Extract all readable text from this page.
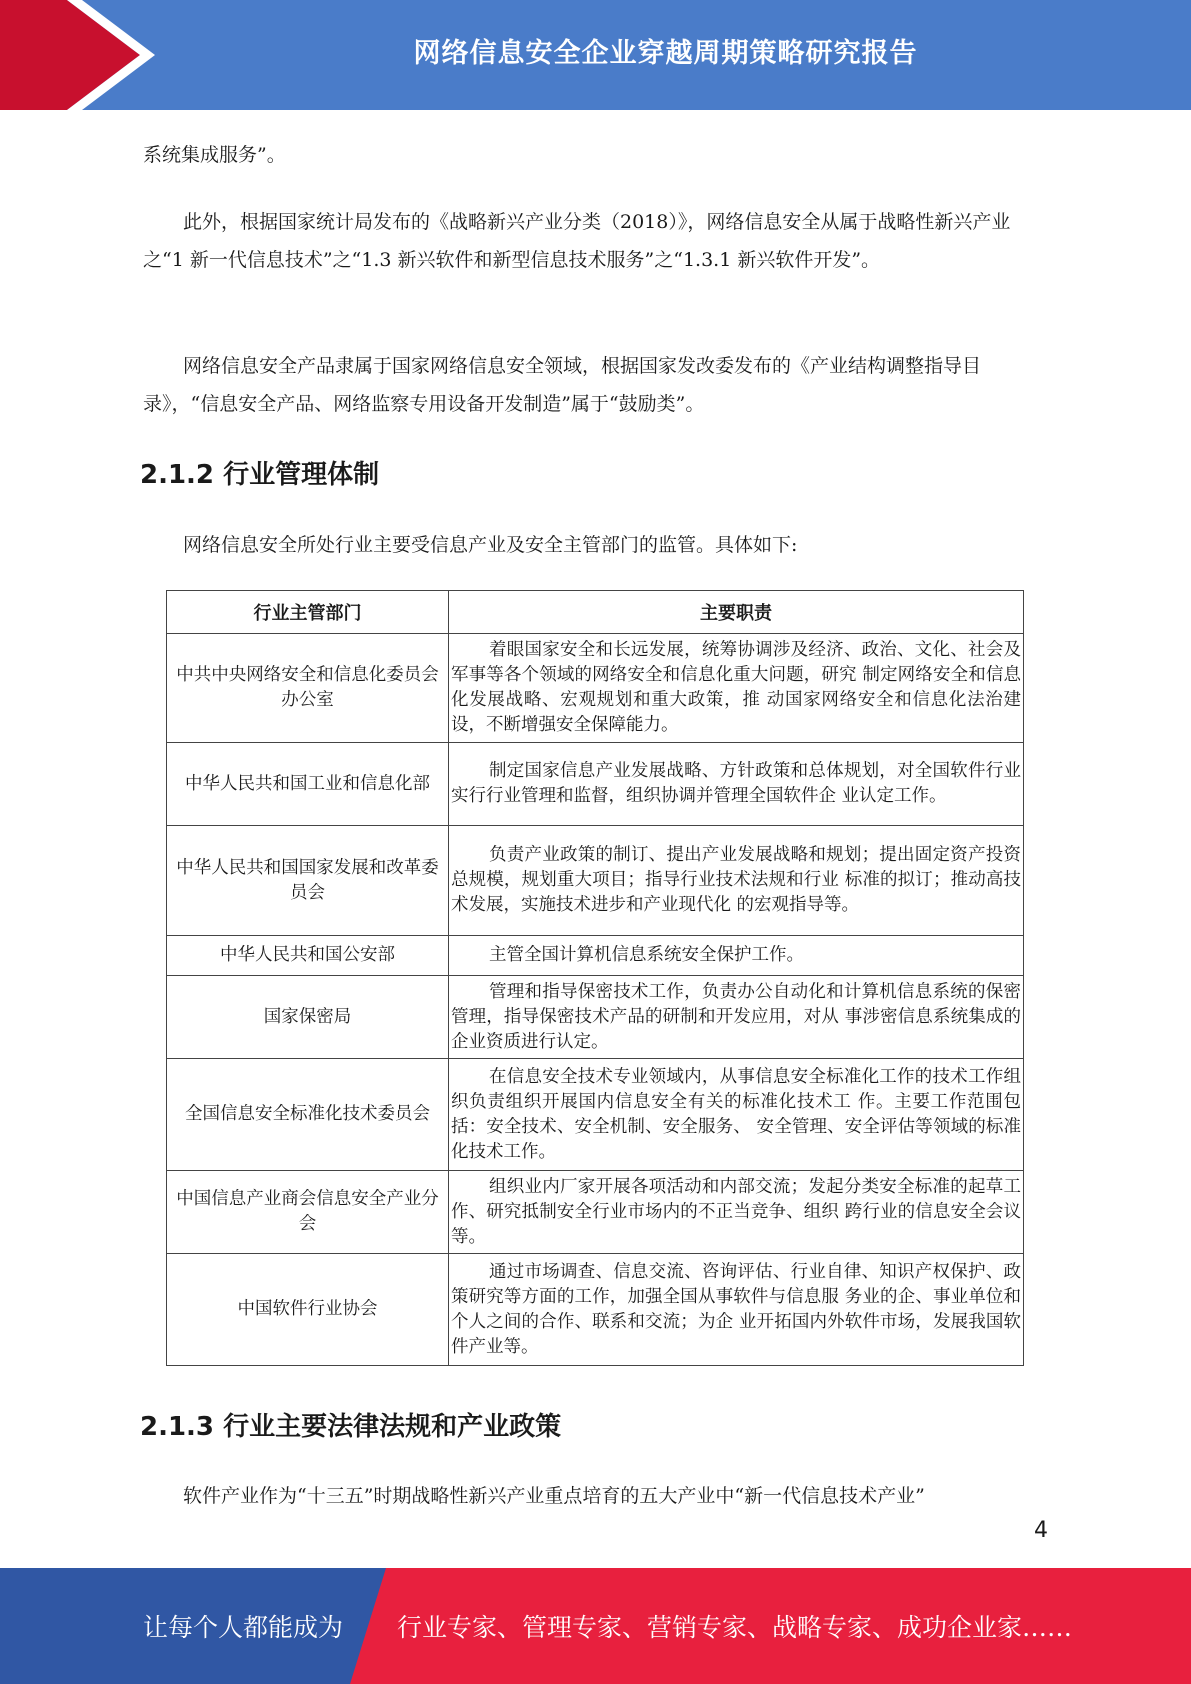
网络信息安全企业穿越周期策略研究报告

系统集成服务”。

此外，根据国家统计局发布的《战略新兴产业分类（2018）》，网络信息安全从属于战略性新兴产业之“1 新一代信息技术”之“1.3 新兴软件和新型信息技术服务”之“1.3.1 新兴软件开发”。

网络信息安全产品隶属于国家网络信息安全领域，根据国家发改委发布的《产业结构调整指导目录》，“信息安全产品、网络监察专用设备开发制造”属于“鼓励类”。

2.1.2 行业管理体制

网络信息安全所处行业主要受信息产业及安全主管部门的监管。具体如下:

行业主管部门	主要职责
中共中央网络安全和信息化委员会办公室	着眼国家安全和长远发展，统筹协调涉及经济、政治、文化、社会及军事等各个领域的网络安全和信息化重大问题，研究 制定网络安全和信息化发展战略、宏观规划和重大政策，推 动国家网络安全和信息化法治建设，不断增强安全保障能力。
中华人民共和国工业和信息化部	制定国家信息产业发展战略、方针政策和总体规划，对全国软件行业实行行业管理和监督，组织协调并管理全国软件企 业认定工作。
中华人民共和国国家发展和改革委员会	负责产业政策的制订、提出产业发展战略和规划；提出固定资产投资总规模，规划重大项目；指导行业技术法规和行业 标准的拟订；推动高技术发展，实施技术进步和产业现代化 的宏观指导等。
中华人民共和国公安部	主管全国计算机信息系统安全保护工作。
国家保密局	管理和指导保密技术工作，负责办公自动化和计算机信息系统的保密管理，指导保密技术产品的研制和开发应用，对从 事涉密信息系统集成的企业资质进行认定。
全国信息安全标准化技术委员会	在信息安全技术专业领域内，从事信息安全标准化工作的技术工作组织负责组织开展国内信息安全有关的标准化技术工 作。主要工作范围包括：安全技术、安全机制、安全服务、 安全管理、安全评估等领域的标准化技术工作。
中国信息产业商会信息安全产业分会	组织业内厂家开展各项活动和内部交流；发起分类安全标准的起草工作、研究抵制安全行业市场内的不正当竞争、组织 跨行业的信息安全会议等。
中国软件行业协会	通过市场调查、信息交流、咨询评估、行业自律、知识产权保护、政策研究等方面的工作，加强全国从事软件与信息服 务业的企、事业单位和个人之间的合作、联系和交流；为企 业开拓国内外软件市场，发展我国软件产业等。
2.1.3 行业主要法律法规和产业政策

软件产业作为“十三五”时期战略性新兴产业重点培育的五大产业中“新一代信息技术产业”

4
让每个人都能成为 行业专家、管理专家、营销专家、战略专家、成功企业家……
